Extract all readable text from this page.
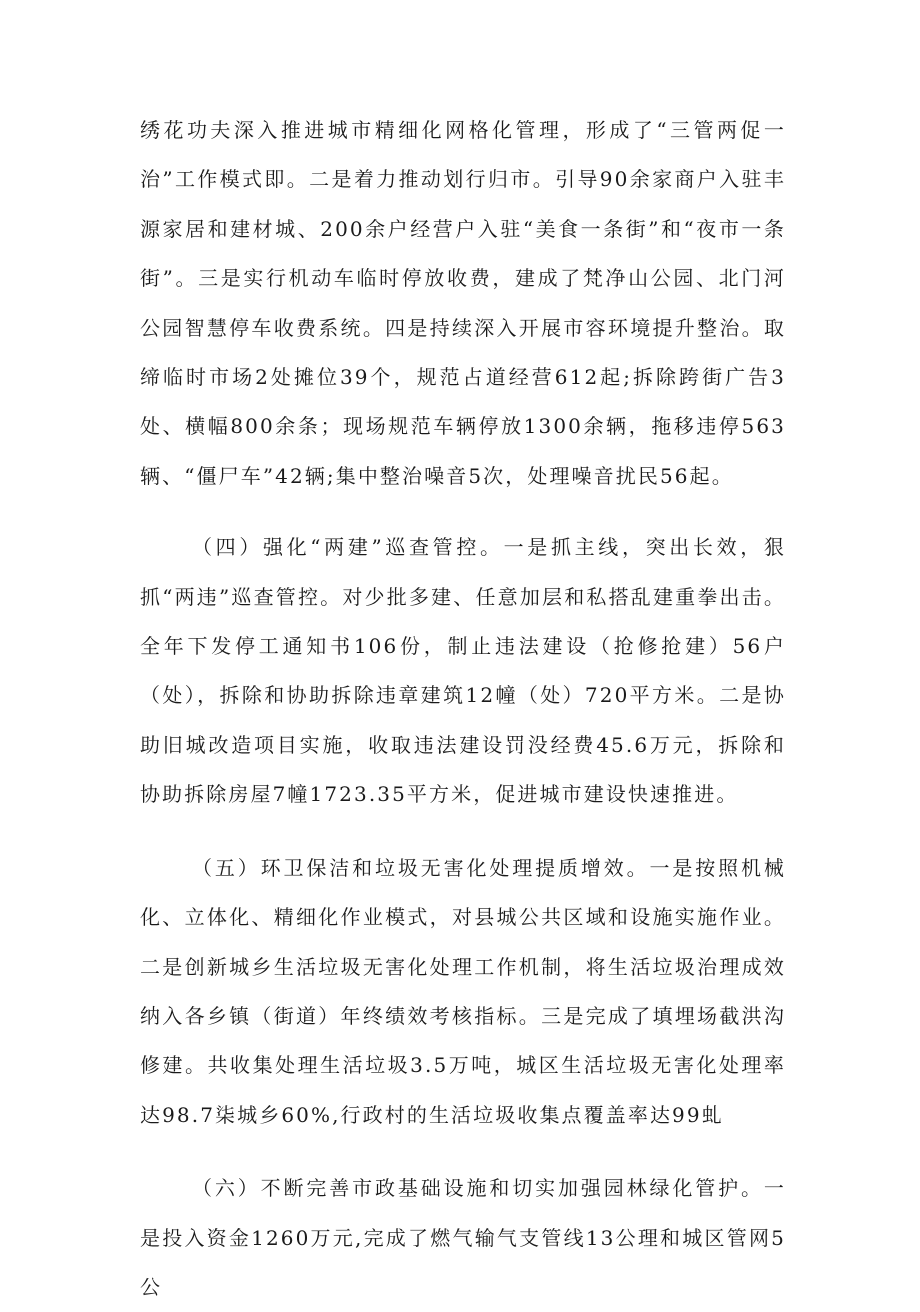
绣花功夫深入推进城市精细化网格化管理，形成了“三管两促一治”工作模式即。二是着力推动划行归市。引导90余家商户入驻丰源家居和建材城、200余户经营户入驻“美食一条街”和“夜市一条街”。三是实行机动车临时停放收费，建成了梵净山公园、北门河公园智慧停车收费系统。四是持续深入开展市容环境提升整治。取缔临时市场2处摊位39个，规范占道经营612起;拆除跨街广告3处、横幅800余条；现场规范车辆停放1300余辆，拖移违停563辆、“僵尸车”42辆;集中整治噪音5次，处理噪音扰民56起。

（四）强化“两建”巡查管控。一是抓主线，突出长效，狠抓“两违”巡查管控。对少批多建、任意加层和私搭乱建重拳出击。全年下发停工通知书106份，制止违法建设（抢修抢建）56户（处），拆除和协助拆除违章建筑12幢（处）720平方米。二是协助旧城改造项目实施，收取违法建设罚没经费45.6万元，拆除和协助拆除房屋7幢1723.35平方米，促进城市建设快速推进。

（五）环卫保洁和垃圾无害化处理提质增效。一是按照机械化、立体化、精细化作业模式，对县城公共区域和设施实施作业。二是创新城乡生活垃圾无害化处理工作机制，将生活垃圾治理成效纳入各乡镇（街道）年终绩效考核指标。三是完成了填埋场截洪沟修建。共收集处理生活垃圾3.5万吨，城区生活垃圾无害化处理率达98.7柒城乡60%,行政村的生活垃圾收集点覆盖率达99虬

（六）不断完善市政基础设施和切实加强园林绿化管护。一是投入资金1260万元,完成了燃气输气支管线13公理和城区管网5公
